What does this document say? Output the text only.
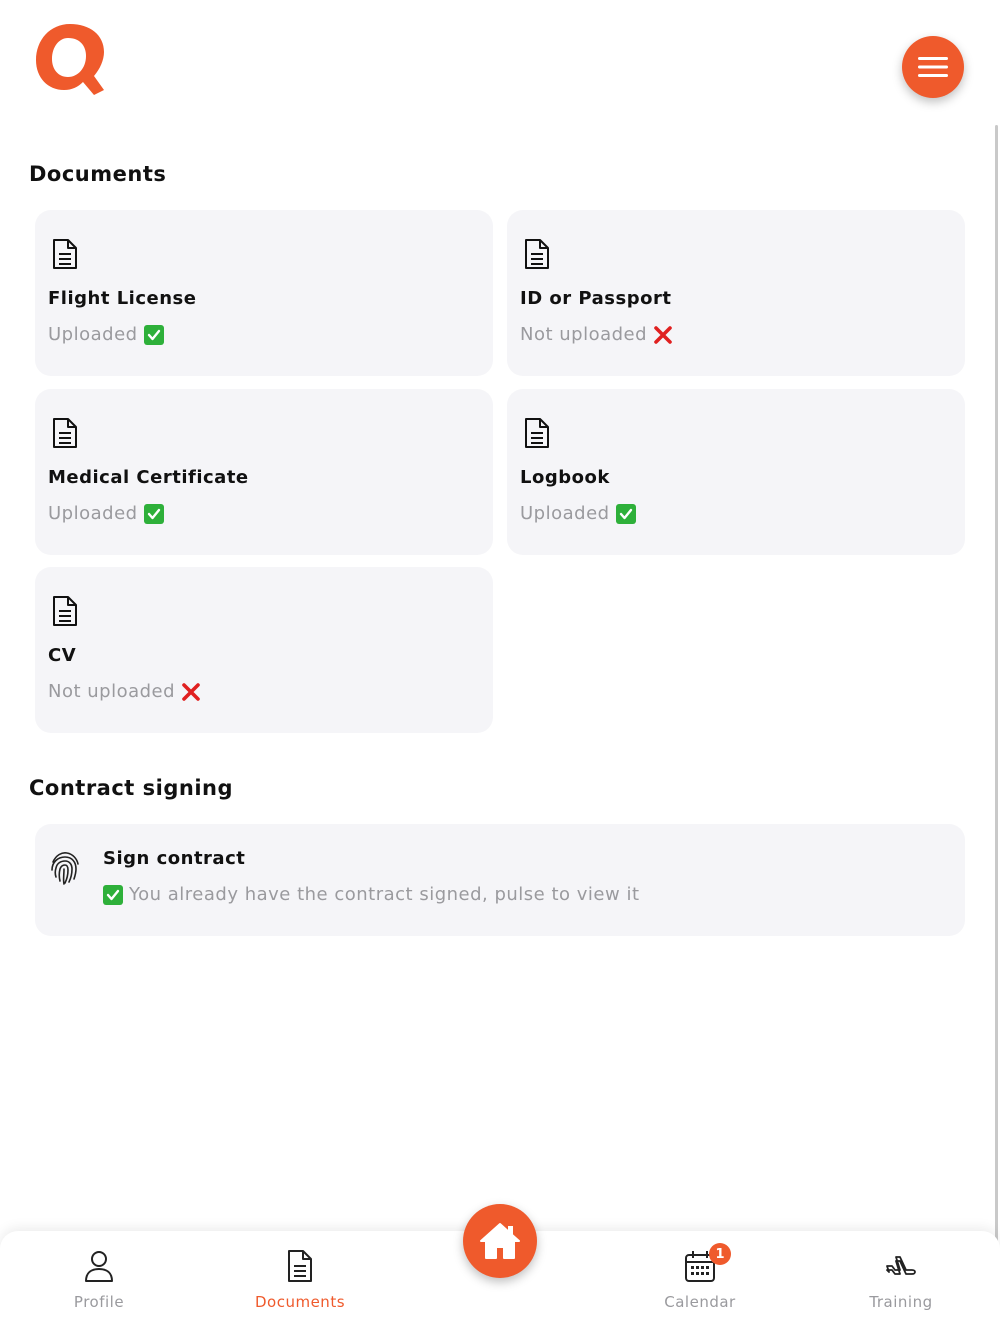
Documents
Flight License
Uploaded
ID or Passport
Not uploaded
Medical Certificate
Uploaded
Logbook
Uploaded
CV
Not uploaded
Contract signing
Sign contract
You already have the contract signed, pulse to view it
Profile	Documents
1
Calendar	Training
